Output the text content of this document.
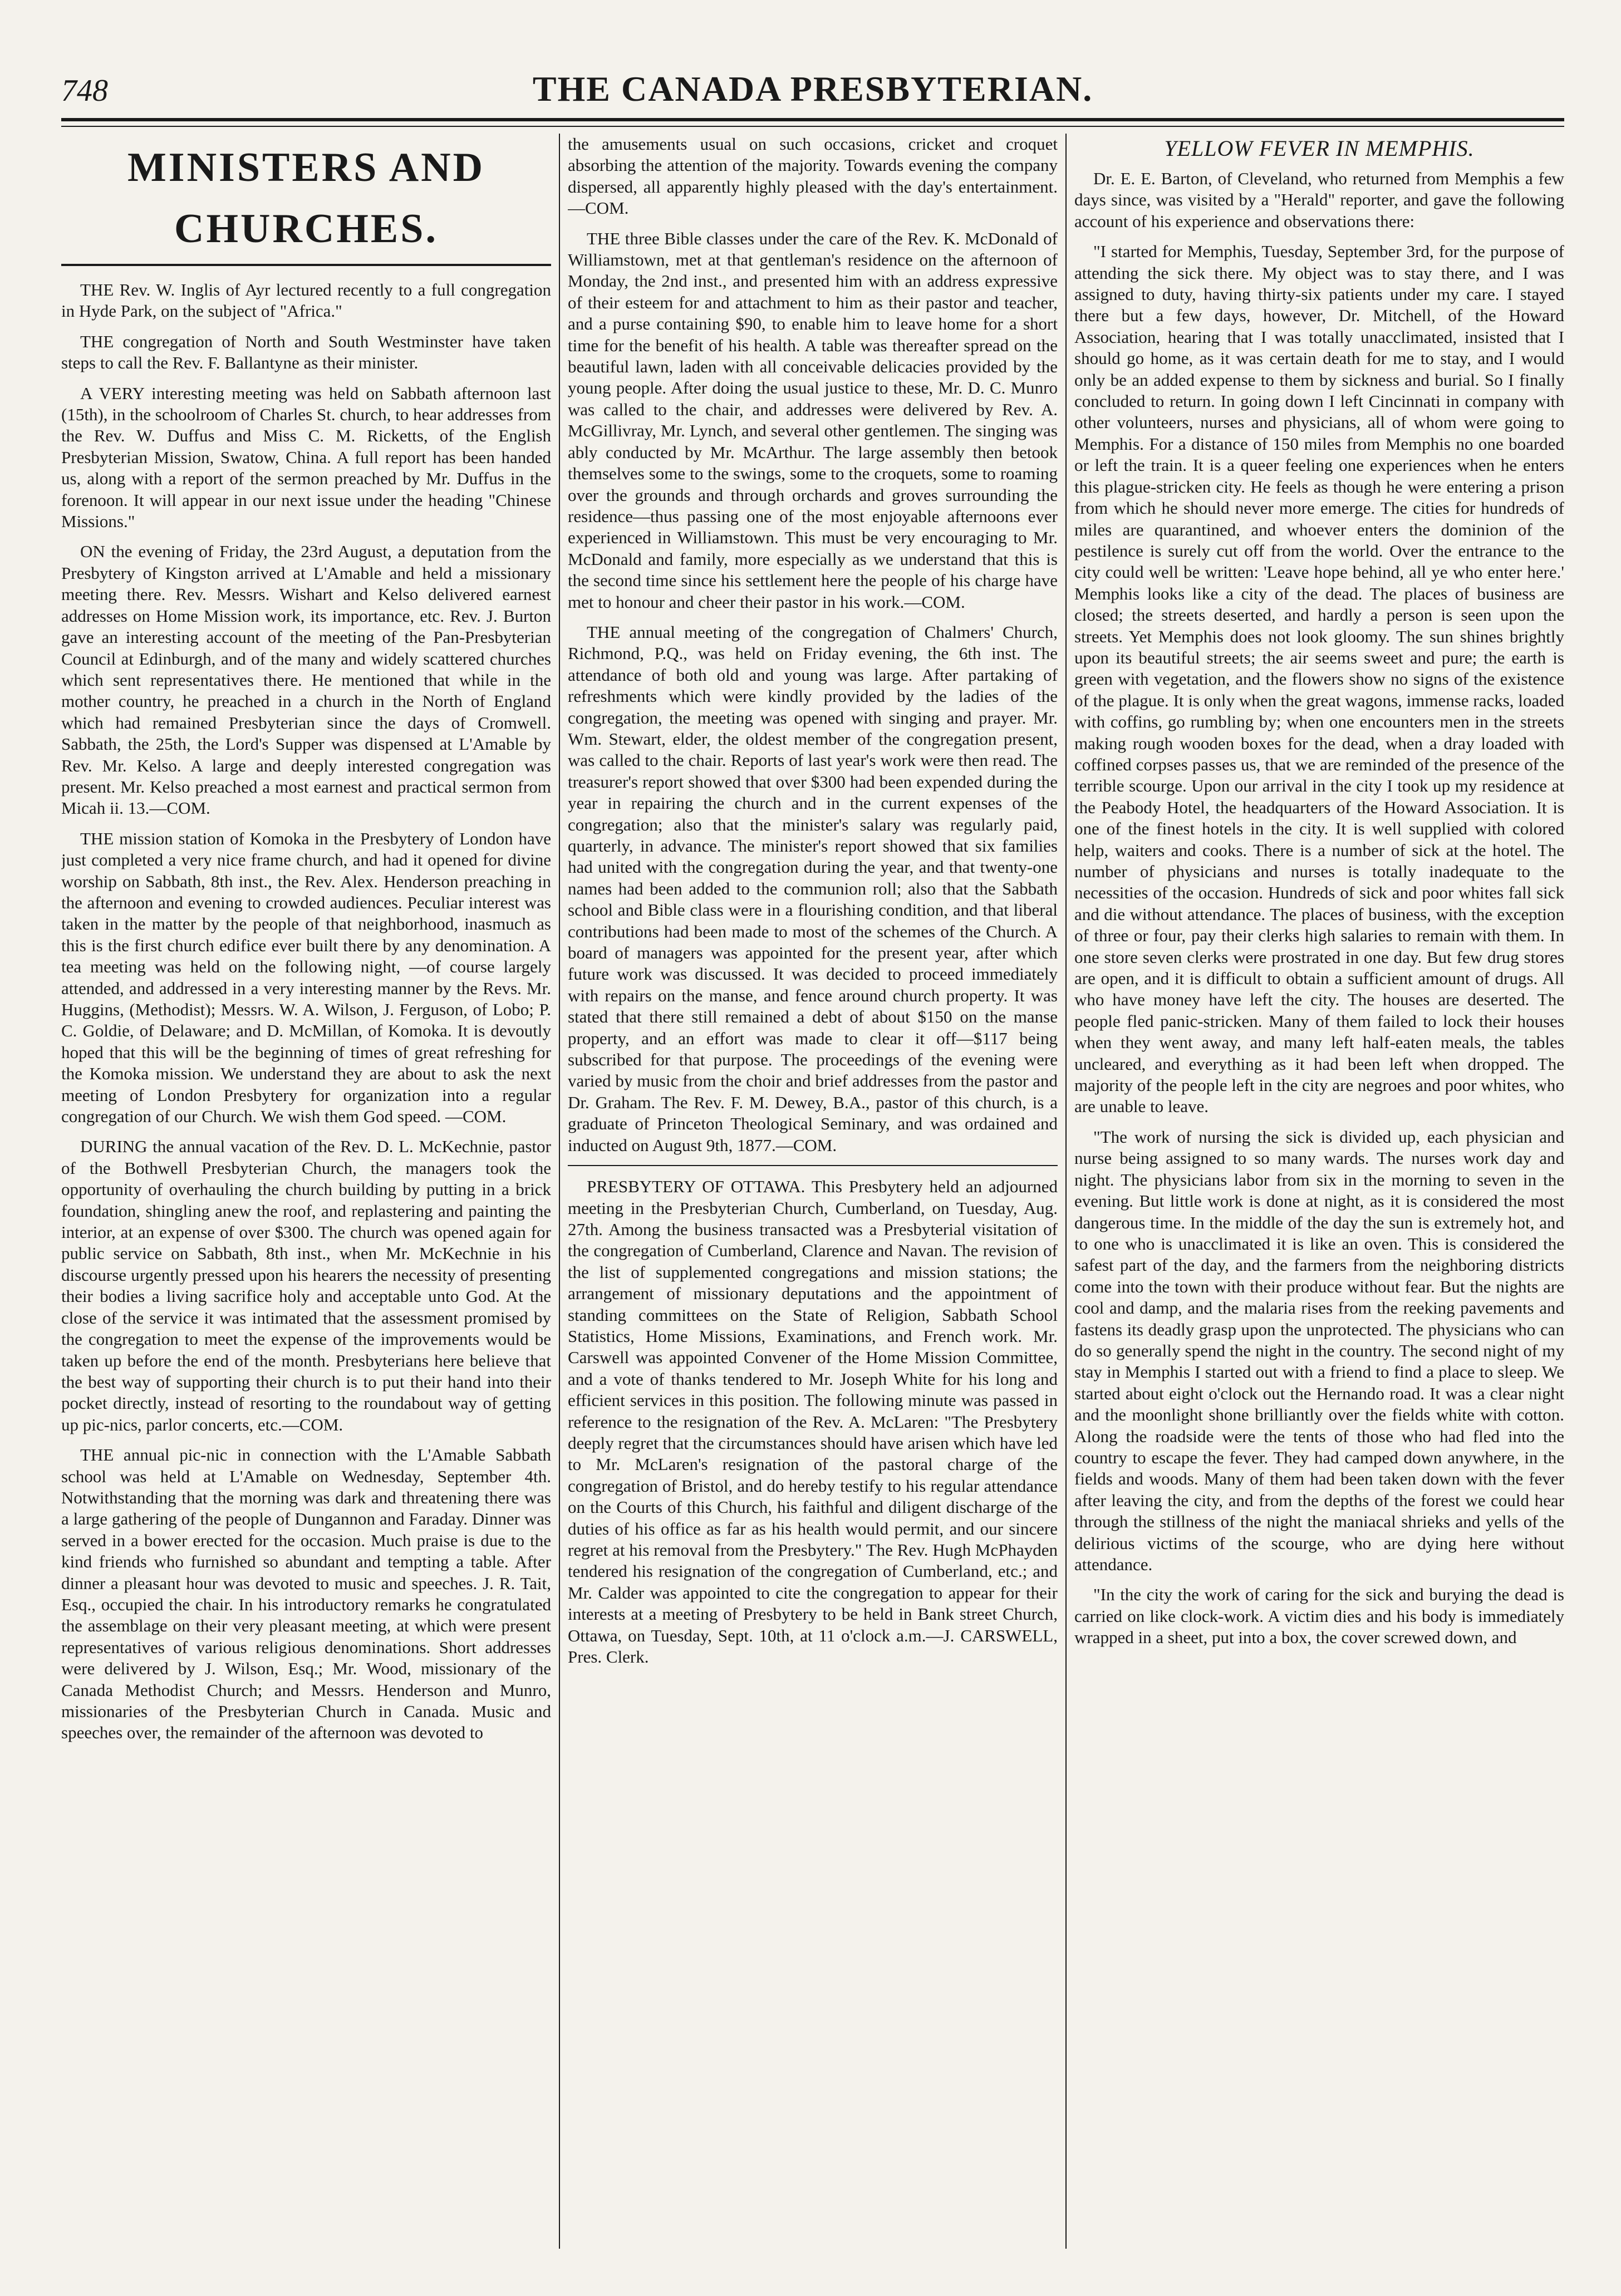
748	THE CANADA PRESBYTERIAN.
MINISTERS AND CHURCHES.

THE Rev. W. Inglis of Ayr lectured recently to a full congregation in Hyde Park, on the subject of "Africa."

THE congregation of North and South Westminster have taken steps to call the Rev. F. Ballantyne as their minister.

A VERY interesting meeting was held on Sabbath afternoon last (15th), in the schoolroom of Charles St. church, to hear addresses from the Rev. W. Duffus and Miss C. M. Ricketts, of the English Presbyterian Mission, Swatow, China. A full report has been handed us, along with a report of the sermon preached by Mr. Duffus in the forenoon. It will appear in our next issue under the heading "Chinese Missions."

ON the evening of Friday, the 23rd August, a deputation from the Presbytery of Kingston arrived at L'Amable and held a missionary meeting there. Rev. Messrs. Wishart and Kelso delivered earnest addresses on Home Mission work, its importance, etc. Rev. J. Burton gave an interesting account of the meeting of the Pan-Presbyterian Council at Edinburgh, and of the many and widely scattered churches which sent representatives there. He mentioned that while in the mother country, he preached in a church in the North of England which had remained Presbyterian since the days of Cromwell. Sabbath, the 25th, the Lord's Supper was dispensed at L'Amable by Rev. Mr. Kelso. A large and deeply interested congregation was present. Mr. Kelso preached a most earnest and practical sermon from Micah ii. 13.—COM.

THE mission station of Komoka in the Presbytery of London have just completed a very nice frame church, and had it opened for divine worship on Sabbath, 8th inst., the Rev. Alex. Henderson preaching in the afternoon and evening to crowded audiences. Peculiar interest was taken in the matter by the people of that neighborhood, inasmuch as this is the first church edifice ever built there by any denomination. A tea meeting was held on the following night, —of course largely attended, and addressed in a very interesting manner by the Revs. Mr. Huggins, (Methodist); Messrs. W. A. Wilson, J. Ferguson, of Lobo; P. C. Goldie, of Delaware; and D. McMillan, of Komoka. It is devoutly hoped that this will be the beginning of times of great refreshing for the Komoka mission. We understand they are about to ask the next meeting of London Presbytery for organization into a regular congregation of our Church. We wish them God speed. —COM.

DURING the annual vacation of the Rev. D. L. McKechnie, pastor of the Bothwell Presbyterian Church, the managers took the opportunity of overhauling the church building by putting in a brick foundation, shingling anew the roof, and replastering and painting the interior, at an expense of over $300. The church was opened again for public service on Sabbath, 8th inst., when Mr. McKechnie in his discourse urgently pressed upon his hearers the necessity of presenting their bodies a living sacrifice holy and acceptable unto God. At the close of the service it was intimated that the assessment promised by the congregation to meet the expense of the improvements would be taken up before the end of the month. Presbyterians here believe that the best way of supporting their church is to put their hand into their pocket directly, instead of resorting to the roundabout way of getting up pic-nics, parlor concerts, etc.—COM.

THE annual pic-nic in connection with the L'Amable Sabbath school was held at L'Amable on Wednesday, September 4th. Notwithstanding that the morning was dark and threatening there was a large gathering of the people of Dungannon and Faraday. Dinner was served in a bower erected for the occasion. Much praise is due to the kind friends who furnished so abundant and tempting a table. After dinner a pleasant hour was devoted to music and speeches. J. R. Tait, Esq., occupied the chair. In his introductory remarks he congratulated the assemblage on their very pleasant meeting, at which were present representatives of various religious denominations. Short addresses were delivered by J. Wilson, Esq.; Mr. Wood, missionary of the Canada Methodist Church; and Messrs. Henderson and Munro, missionaries of the Presbyterian Church in Canada. Music and speeches over, the remainder of the afternoon was devoted to

the amusements usual on such occasions, cricket and croquet absorbing the attention of the majority. Towards evening the company dispersed, all apparently highly pleased with the day's entertainment.—COM.

THE three Bible classes under the care of the Rev. K. McDonald of Williamstown, met at that gentleman's residence on the afternoon of Monday, the 2nd inst., and presented him with an address expressive of their esteem for and attachment to him as their pastor and teacher, and a purse containing $90, to enable him to leave home for a short time for the benefit of his health. A table was thereafter spread on the beautiful lawn, laden with all conceivable delicacies provided by the young people. After doing the usual justice to these, Mr. D. C. Munro was called to the chair, and addresses were delivered by Rev. A. McGillivray, Mr. Lynch, and several other gentlemen. The singing was ably conducted by Mr. McArthur. The large assembly then betook themselves some to the swings, some to the croquets, some to roaming over the grounds and through orchards and groves surrounding the residence—thus passing one of the most enjoyable afternoons ever experienced in Williamstown. This must be very encouraging to Mr. McDonald and family, more especially as we understand that this is the second time since his settlement here the people of his charge have met to honour and cheer their pastor in his work.—COM.

THE annual meeting of the congregation of Chalmers' Church, Richmond, P.Q., was held on Friday evening, the 6th inst. The attendance of both old and young was large. After partaking of refreshments which were kindly provided by the ladies of the congregation, the meeting was opened with singing and prayer. Mr. Wm. Stewart, elder, the oldest member of the congregation present, was called to the chair. Reports of last year's work were then read. The treasurer's report showed that over $300 had been expended during the year in repairing the church and in the current expenses of the congregation; also that the minister's salary was regularly paid, quarterly, in advance. The minister's report showed that six families had united with the congregation during the year, and that twenty-one names had been added to the communion roll; also that the Sabbath school and Bible class were in a flourishing condition, and that liberal contributions had been made to most of the schemes of the Church. A board of managers was appointed for the present year, after which future work was discussed. It was decided to proceed immediately with repairs on the manse, and fence around church property. It was stated that there still remained a debt of about $150 on the manse property, and an effort was made to clear it off—$117 being subscribed for that purpose. The proceedings of the evening were varied by music from the choir and brief addresses from the pastor and Dr. Graham. The Rev. F. M. Dewey, B.A., pastor of this church, is a graduate of Princeton Theological Seminary, and was ordained and inducted on August 9th, 1877.—COM.

PRESBYTERY OF OTTAWA. This Presbytery held an adjourned meeting in the Presbyterian Church, Cumberland, on Tuesday, Aug. 27th. Among the business transacted was a Presbyterial visitation of the congregation of Cumberland, Clarence and Navan. The revision of the list of supplemented congregations and mission stations; the arrangement of missionary deputations and the appointment of standing committees on the State of Religion, Sabbath School Statistics, Home Missions, Examinations, and French work. Mr. Carswell was appointed Convener of the Home Mission Committee, and a vote of thanks tendered to Mr. Joseph White for his long and efficient services in this position. The following minute was passed in reference to the resignation of the Rev. A. McLaren: "The Presbytery deeply regret that the circumstances should have arisen which have led to Mr. McLaren's resignation of the pastoral charge of the congregation of Bristol, and do hereby testify to his regular attendance on the Courts of this Church, his faithful and diligent discharge of the duties of his office as far as his health would permit, and our sincere regret at his removal from the Presbytery." The Rev. Hugh McPhayden tendered his resignation of the congregation of Cumberland, etc.; and Mr. Calder was appointed to cite the congregation to appear for their interests at a meeting of Presbytery to be held in Bank street Church, Ottawa, on Tuesday, Sept. 10th, at 11 o'clock a.m.—J. CARSWELL, Pres. Clerk.

YELLOW FEVER IN MEMPHIS.

Dr. E. E. Barton, of Cleveland, who returned from Memphis a few days since, was visited by a "Herald" reporter, and gave the following account of his experience and observations there:

"I started for Memphis, Tuesday, September 3rd, for the purpose of attending the sick there. My object was to stay there, and I was assigned to duty, having thirty-six patients under my care. I stayed there but a few days, however, Dr. Mitchell, of the Howard Association, hearing that I was totally unacclimated, insisted that I should go home, as it was certain death for me to stay, and I would only be an added expense to them by sickness and burial. So I finally concluded to return. In going down I left Cincinnati in company with other volunteers, nurses and physicians, all of whom were going to Memphis. For a distance of 150 miles from Memphis no one boarded or left the train. It is a queer feeling one experiences when he enters this plague-stricken city. He feels as though he were entering a prison from which he should never more emerge. The cities for hundreds of miles are quarantined, and whoever enters the dominion of the pestilence is surely cut off from the world. Over the entrance to the city could well be written: 'Leave hope behind, all ye who enter here.' Memphis looks like a city of the dead. The places of business are closed; the streets deserted, and hardly a person is seen upon the streets. Yet Memphis does not look gloomy. The sun shines brightly upon its beautiful streets; the air seems sweet and pure; the earth is green with vegetation, and the flowers show no signs of the existence of the plague. It is only when the great wagons, immense racks, loaded with coffins, go rumbling by; when one encounters men in the streets making rough wooden boxes for the dead, when a dray loaded with coffined corpses passes us, that we are reminded of the presence of the terrible scourge. Upon our arrival in the city I took up my residence at the Peabody Hotel, the headquarters of the Howard Association. It is one of the finest hotels in the city. It is well supplied with colored help, waiters and cooks. There is a number of sick at the hotel. The number of physicians and nurses is totally inadequate to the necessities of the occasion. Hundreds of sick and poor whites fall sick and die without attendance. The places of business, with the exception of three or four, pay their clerks high salaries to remain with them. In one store seven clerks were prostrated in one day. But few drug stores are open, and it is difficult to obtain a sufficient amount of drugs. All who have money have left the city. The houses are deserted. The people fled panic-stricken. Many of them failed to lock their houses when they went away, and many left half-eaten meals, the tables uncleared, and everything as it had been left when dropped. The majority of the people left in the city are negroes and poor whites, who are unable to leave.

"The work of nursing the sick is divided up, each physician and nurse being assigned to so many wards. The nurses work day and night. The physicians labor from six in the morning to seven in the evening. But little work is done at night, as it is considered the most dangerous time. In the middle of the day the sun is extremely hot, and to one who is unacclimated it is like an oven. This is considered the safest part of the day, and the farmers from the neighboring districts come into the town with their produce without fear. But the nights are cool and damp, and the malaria rises from the reeking pavements and fastens its deadly grasp upon the unprotected. The physicians who can do so generally spend the night in the country. The second night of my stay in Memphis I started out with a friend to find a place to sleep. We started about eight o'clock out the Hernando road. It was a clear night and the moonlight shone brilliantly over the fields white with cotton. Along the roadside were the tents of those who had fled into the country to escape the fever. They had camped down anywhere, in the fields and woods. Many of them had been taken down with the fever after leaving the city, and from the depths of the forest we could hear through the stillness of the night the maniacal shrieks and yells of the delirious victims of the scourge, who are dying here without attendance.

"In the city the work of caring for the sick and burying the dead is carried on like clock-work. A victim dies and his body is immediately wrapped in a sheet, put into a box, the cover screwed down, and
